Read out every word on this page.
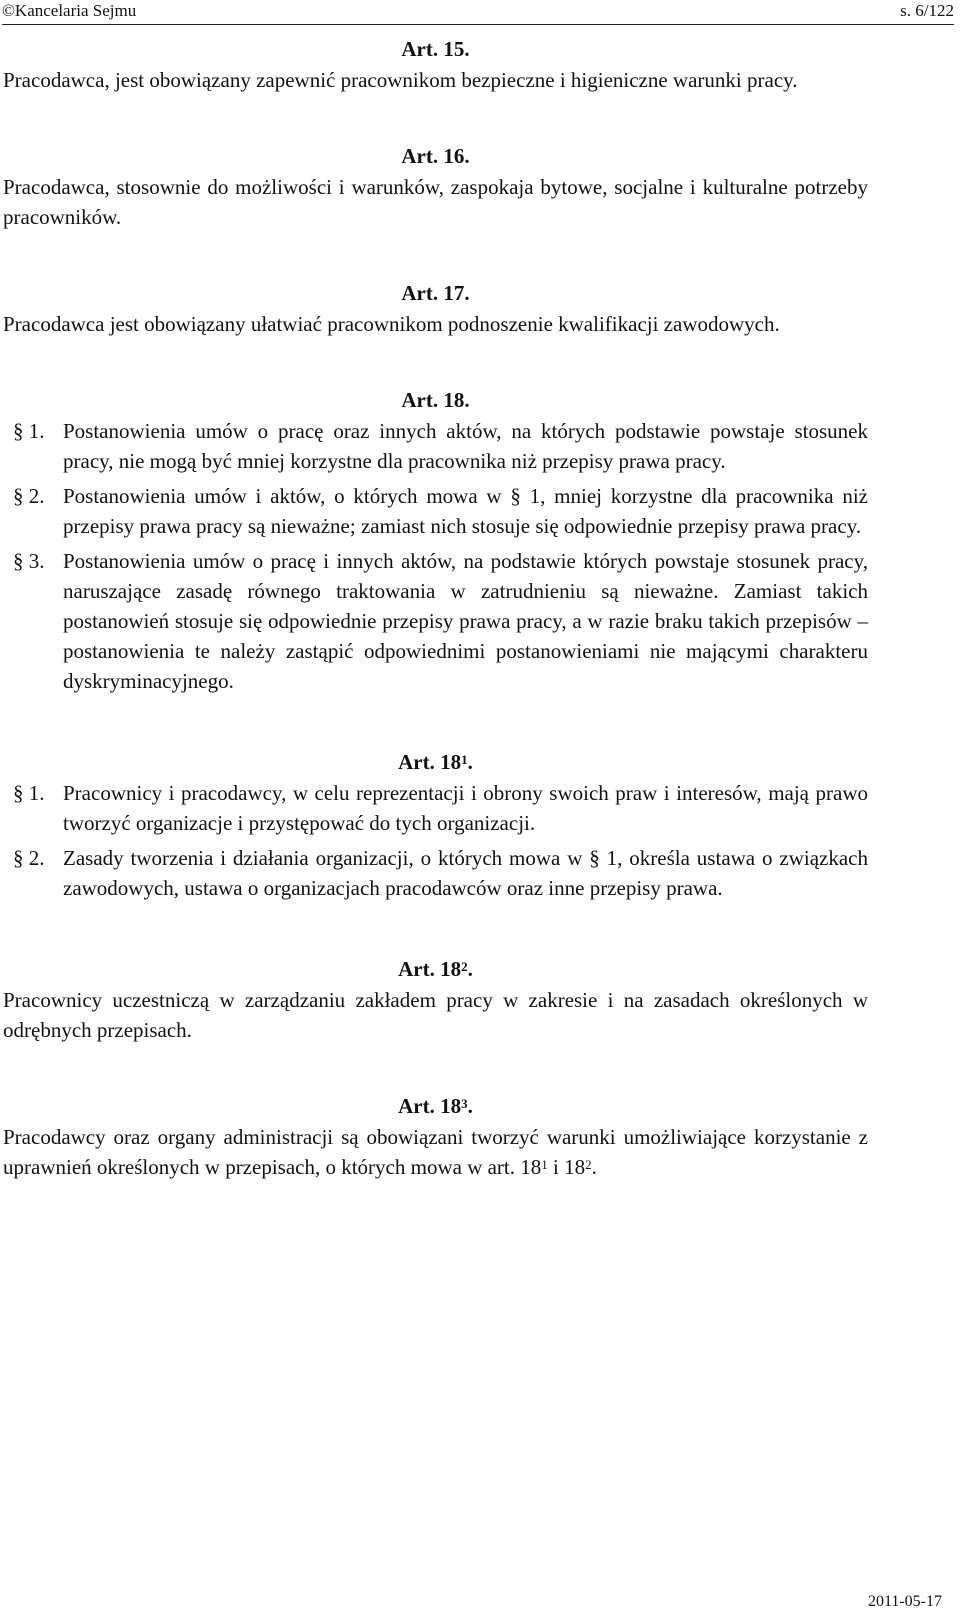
©Kancelaria Sejmu	s. 6/122

Art. 15.

Pracodawca, jest obowiązany zapewnić pracownikom bezpieczne i higieniczne warunki pracy.

Art. 16.

Pracodawca, stosownie do możliwości i warunków, zaspokaja bytowe, socjalne i kulturalne potrzeby pracowników.

Art. 17.

Pracodawca jest obowiązany ułatwiać pracownikom podnoszenie kwalifikacji zawodowych.

Art. 18.

§ 1. Postanowienia umów o pracę oraz innych aktów, na których podstawie powstaje stosunek pracy, nie mogą być mniej korzystne dla pracownika niż przepisy prawa pracy.
§ 2. Postanowienia umów i aktów, o których mowa w § 1, mniej korzystne dla pracownika niż przepisy prawa pracy są nieważne; zamiast nich stosuje się odpowiednie przepisy prawa pracy.
§ 3. Postanowienia umów o pracę i innych aktów, na podstawie których powstaje stosunek pracy, naruszające zasadę równego traktowania w zatrudnieniu są nieważne. Zamiast takich postanowień stosuje się odpowiednie przepisy prawa pracy, a w razie braku takich przepisów – postanowienia te należy zastąpić odpowiednimi postanowieniami nie mającymi charakteru dyskryminacyjnego.

Art. $18^1$.

§ 1. Pracownicy i pracodawcy, w celu reprezentacji i obrony swoich praw i interesów, mają prawo tworzyć organizacje i przystępować do tych organizacji.
§ 2. Zasady tworzenia i działania organizacji, o których mowa w § 1, określa ustawa o związkach zawodowych, ustawa o organizacjach pracodawców oraz inne przepisy prawa.

Art. $18^2$.

Pracownicy uczestniczą w zarządzaniu zakładem pracy w zakresie i na zasadach określonych w odrębnych przepisach.

Art. $18^3$.

Pracodawcy oraz organy administracji są obowiązani tworzyć warunki umożliwiające korzystanie z uprawnień określonych w przepisach, o których mowa w art. $18^1$ i $18^2$.

2011-05-17
